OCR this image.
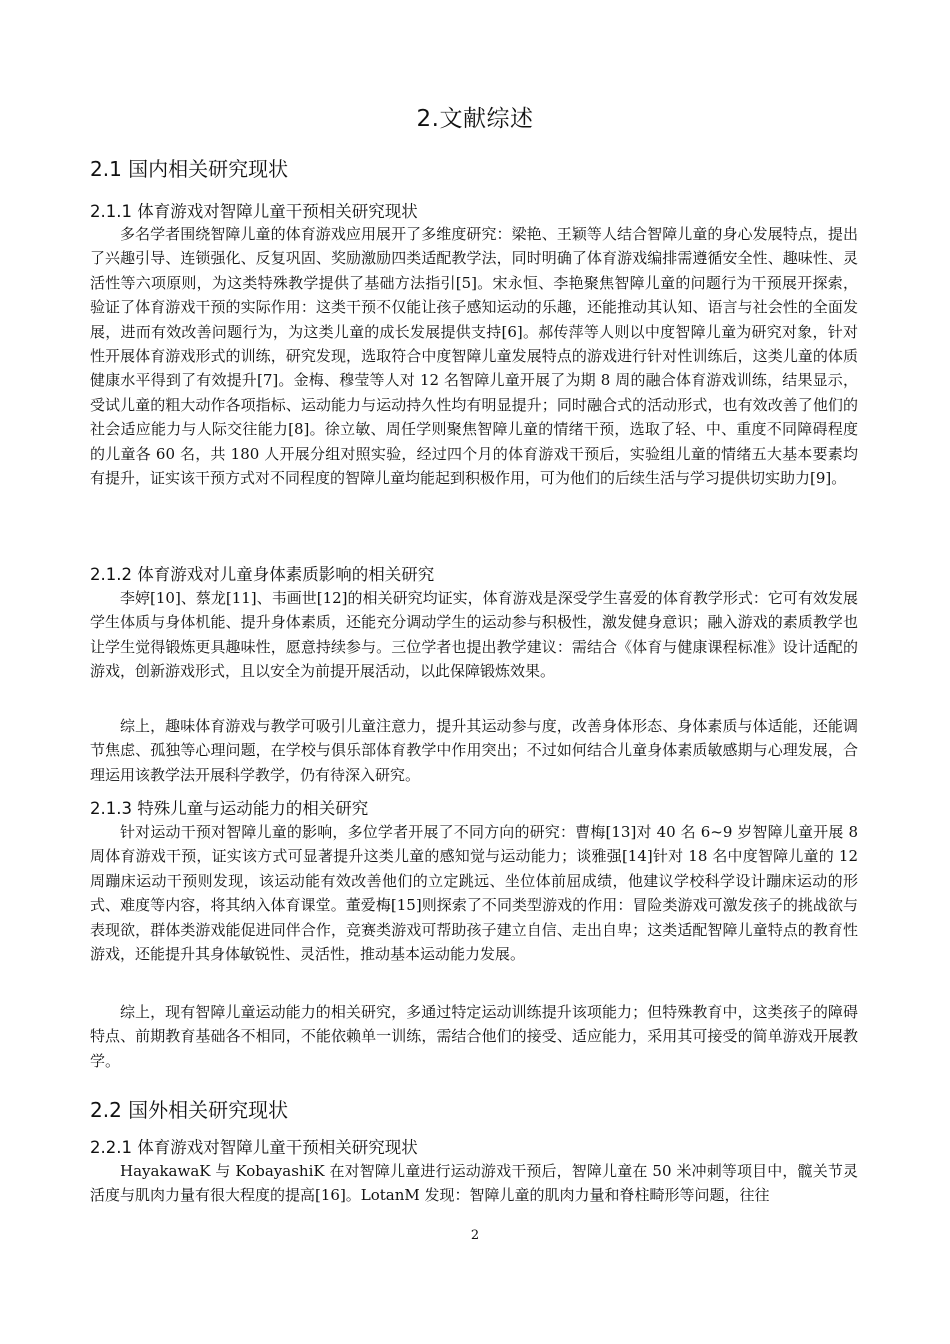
2.文献综述
2.1 国内相关研究现状
2.1.1 体育游戏对智障儿童干预相关研究现状

多名学者围绕智障儿童的体育游戏应用展开了多维度研究：梁艳、王颖等人结合智障儿童的身心发展特点，提出了兴趣引导、连锁强化、反复巩固、奖励激励四类适配教学法，同时明确了体育游戏编排需遵循安全性、趣味性、灵活性等六项原则，为这类特殊教学提供了基础方法指引[5]。宋永恒、李艳聚焦智障儿童的问题行为干预展开探索，验证了体育游戏干预的实际作用：这类干预不仅能让孩子感知运动的乐趣，还能推动其认知、语言与社会性的全面发展，进而有效改善问题行为，为这类儿童的成长发展提供支持[6]。郝传萍等人则以中度智障儿童为研究对象，针对性开展体育游戏形式的训练，研究发现，选取符合中度智障儿童发展特点的游戏进行针对性训练后，这类儿童的体质健康水平得到了有效提升[7]。金梅、穆莹等人对 12 名智障儿童开展了为期 8 周的融合体育游戏训练，结果显示，受试儿童的粗大动作各项指标、运动能力与运动持久性均有明显提升；同时融合式的活动形式，也有效改善了他们的社会适应能力与人际交往能力[8]。徐立敏、周任学则聚焦智障儿童的情绪干预，选取了轻、中、重度不同障碍程度的儿童各 60 名，共 180 人开展分组对照实验，经过四个月的体育游戏干预后，实验组儿童的情绪五大基本要素均有提升，证实该干预方式对不同程度的智障儿童均能起到积极作用，可为他们的后续生活与学习提供切实助力[9]。

2.1.2 体育游戏对儿童身体素质影响的相关研究

李婷[10]、蔡龙[11]、韦画世[12]的相关研究均证实，体育游戏是深受学生喜爱的体育教学形式：它可有效发展学生体质与身体机能、提升身体素质，还能充分调动学生的运动参与积极性，激发健身意识；融入游戏的素质教学也让学生觉得锻炼更具趣味性，愿意持续参与。三位学者也提出教学建议：需结合《体育与健康课程标准》设计适配的游戏，创新游戏形式，且以安全为前提开展活动，以此保障锻炼效果。

综上，趣味体育游戏与教学可吸引儿童注意力，提升其运动参与度，改善身体形态、身体素质与体适能，还能调节焦虑、孤独等心理问题，在学校与俱乐部体育教学中作用突出；不过如何结合儿童身体素质敏感期与心理发展，合理运用该教学法开展科学教学，仍有待深入研究。

2.1.3 特殊儿童与运动能力的相关研究

针对运动干预对智障儿童的影响，多位学者开展了不同方向的研究：曹梅[13]对 40 名 6~9 岁智障儿童开展 8 周体育游戏干预，证实该方式可显著提升这类儿童的感知觉与运动能力；谈雅强[14]针对 18 名中度智障儿童的 12 周蹦床运动干预则发现，该运动能有效改善他们的立定跳远、坐位体前屈成绩，他建议学校科学设计蹦床运动的形式、难度等内容，将其纳入体育课堂。董爱梅[15]则探索了不同类型游戏的作用：冒险类游戏可激发孩子的挑战欲与表现欲，群体类游戏能促进同伴合作，竞赛类游戏可帮助孩子建立自信、走出自卑；这类适配智障儿童特点的教育性游戏，还能提升其身体敏锐性、灵活性，推动基本运动能力发展。

综上，现有智障儿童运动能力的相关研究，多通过特定运动训练提升该项能力；但特殊教育中，这类孩子的障碍特点、前期教育基础各不相同，不能依赖单一训练，需结合他们的接受、适应能力，采用其可接受的简单游戏开展教学。

2.2 国外相关研究现状
2.2.1 体育游戏对智障儿童干预相关研究现状

HayakawaK 与 KobayashiK 在对智障儿童进行运动游戏干预后，智障儿童在 50 米冲刺等项目中，髋关节灵活度与肌肉力量有很大程度的提高[16]。LotanM 发现：智障儿童的肌肉力量和脊柱畸形等问题，往往

2
